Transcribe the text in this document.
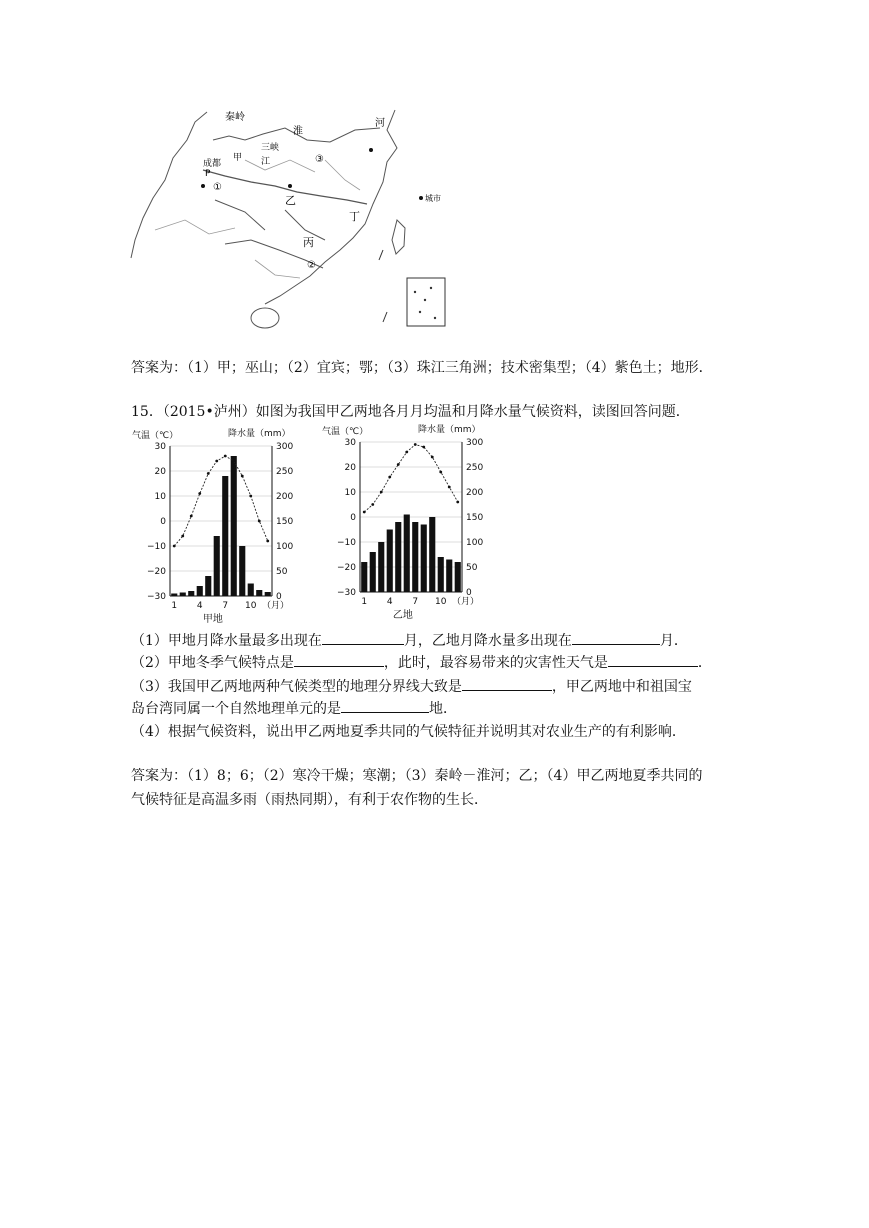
秦岭
淮
河
成都
P
甲
三峡
江	③
①
乙
丁
丙
②
城市
答案为：（1）甲；巫山；（2）宜宾；鄂；（3）珠江三角洲；技术密集型；（4）紫色土；地形．
15．（2015•泸州）如图为我国甲乙两地各月月均温和月降水量气候资料，读图回答问题．
气温（℃）	降水量（mm）
30
20
10
0
−10
−20
−30
300
250
200
150
100
50
0
1 4 7 10 （月）
甲地
气温（℃）	降水量（mm）
30
20
10
0
−10
−20
−30
300
250
200
150
100
50
0
1 4 7 10 （月）
乙地
（1）甲地月降水量最多出现在	月，乙地月降水量多出现在	月．
（2）甲地冬季气候特点是	，此时，最容易带来的灾害性天气是	．
（3）我国甲乙两地两种气候类型的地理分界线大致是	，甲乙两地中和祖国宝
岛台湾同属一个自然地理单元的是	地．
（4）根据气候资料，说出甲乙两地夏季共同的气候特征并说明其对农业生产的有利影响．
答案为：（1）8；6；（2）寒冷干燥；寒潮；（3）秦岭－淮河；乙；（4）甲乙两地夏季共同的
气候特征是高温多雨（雨热同期），有利于农作物的生长．
